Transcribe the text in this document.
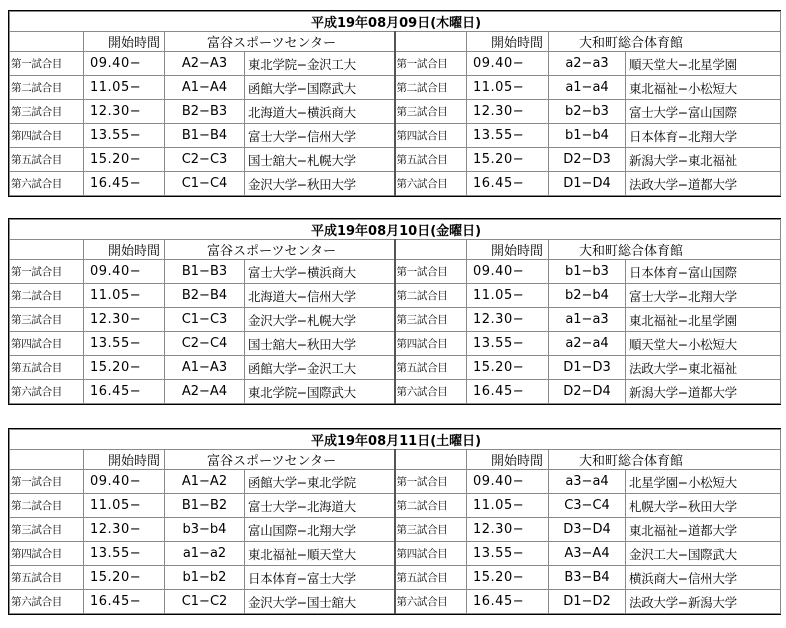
平成19年08月09日(木曜日)							
	開始時間	富谷スポーツセンター			開始時間	大和町総合体育館	
第一試合目	09.40−	A2−A3	東北学院−金沢工大	第一試合目	09.40−	a2−a3	順天堂大−北星学園
第二試合目	11.05−	A1−A4	函館大学−国際武大	第二試合目	11.05−	a1−a4	東北福祉−小松短大
第三試合目	12.30−	B2−B3	北海道大−横浜商大	第三試合目	12.30−	b2−b3	富士大学−富山国際
第四試合目	13.55−	B1−B4	富士大学−信州大学	第四試合目	13.55−	b1−b4	日本体育−北翔大学
第五試合目	15.20−	C2−C3	国士舘大−札幌大学	第五試合目	15.20−	D2−D3	新潟大学−東北福祉
第六試合目	16.45−	C1−C4	金沢大学−秋田大学	第六試合目	16.45−	D1−D4	法政大学−道都大学
平成19年08月10日(金曜日)							
	開始時間	富谷スポーツセンター			開始時間	大和町総合体育館	
第一試合目	09.40−	B1−B3	富士大学−横浜商大	第一試合目	09.40−	b1−b3	日本体育−富山国際
第二試合目	11.05−	B2−B4	北海道大−信州大学	第二試合目	11.05−	b2−b4	富士大学−北翔大学
第三試合目	12.30−	C1−C3	金沢大学−札幌大学	第三試合目	12.30−	a1−a3	東北福祉−北星学園
第四試合目	13.55−	C2−C4	国士舘大−秋田大学	第四試合目	13.55−	a2−a4	順天堂大−小松短大
第五試合目	15.20−	A1−A3	函館大学−金沢工大	第五試合目	15.20−	D1−D3	法政大学−東北福祉
第六試合目	16.45−	A2−A4	東北学院−国際武大	第六試合目	16.45−	D2−D4	新潟大学−道都大学
平成19年08月11日(土曜日)							
	開始時間	富谷スポーツセンター			開始時間	大和町総合体育館	
第一試合目	09.40−	A1−A2	函館大学−東北学院	第一試合目	09.40−	a3−a4	北星学園−小松短大
第二試合目	11.05−	B1−B2	富士大学−北海道大	第二試合目	11.05−	C3−C4	札幌大学−秋田大学
第三試合目	12.30−	b3−b4	富山国際−北翔大学	第三試合目	12.30−	D3−D4	東北福祉−道都大学
第四試合目	13.55−	a1−a2	東北福祉−順天堂大	第四試合目	13.55−	A3−A4	金沢工大−国際武大
第五試合目	15.20−	b1−b2	日本体育−富士大学	第五試合目	15.20−	B3−B4	横浜商大−信州大学
第六試合目	16.45−	C1−C2	金沢大学−国士舘大	第六試合目	16.45−	D1−D2	法政大学−新潟大学
